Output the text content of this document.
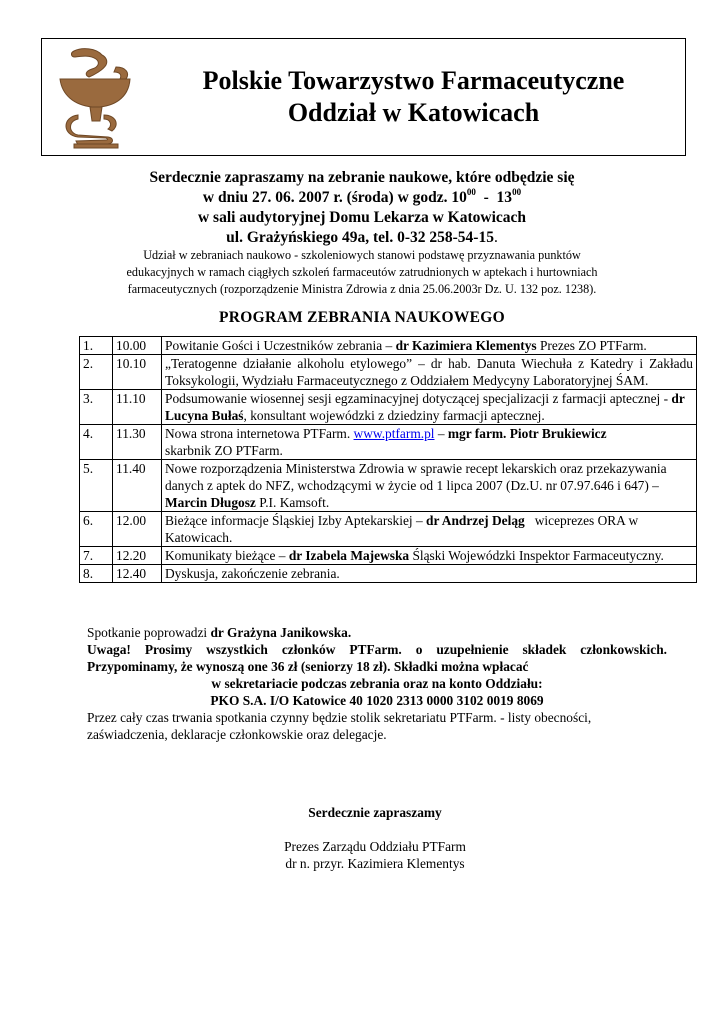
Polskie Towarzystwo Farmaceutyczne
Oddział w Katowicach
Serdecznie zapraszamy na zebranie naukowe, które odbędzie się
w dniu 27. 06. 2007 r. (środa) w godz. $10^{00} - 13^{00}$
w sali audytoryjnej Domu Lekarza w Katowicach
ul. Grażyńskiego 49a, tel. 0-32 258-54-15.
Udział w zebraniach naukowo - szkoleniowych stanowi podstawę przyznawania punktów
edukacyjnych w ramach ciągłych szkoleń farmaceutów zatrudnionych w aptekach i hurtowniach
farmaceutycznych (rozporządzenie Ministra Zdrowia z dnia 25.06.2003r Dz. U. 132 poz. 1238).
PROGRAM ZEBRANIA NAUKOWEGO
1.	10.00	Powitanie Gości i Uczestników zebrania – dr Kazimiera Klementys Prezes ZO PTFarm.
2.	10.10	„Teratogenne działanie alkoholu etylowego” – dr hab. Danuta Wiechuła z Katedry i Zakładu Toksykologii, Wydziału Farmaceutycznego z Oddziałem Medycyny Laboratoryjnej ŚAM.
3.	11.10	Podsumowanie wiosennej sesji egzaminacyjnej dotyczącej specjalizacji z farmacji aptecznej - dr Lucyna Bułaś, konsultant wojewódzki z dziedziny farmacji aptecznej.
4.	11.30	Nowa strona internetowa PTFarm. www.ptfarm.pl – mgr farm. Piotr Brukiewicz
skarbnik ZO PTFarm.
5.	11.40	Nowe rozporządzenia Ministerstwa Zdrowia w sprawie recept lekarskich oraz przekazywania danych z aptek do NFZ, wchodzącymi w życie od 1 lipca 2007 (Dz.U. nr 07.97.646 i 647) – Marcin Długosz P.I. Kamsoft.
6.	12.00	Bieżące informacje Śląskiej Izby Aptekarskiej – dr Andrzej Deląg   wiceprezes ORA w Katowicach.
7.	12.20	Komunikaty bieżące – dr Izabela Majewska Śląski Wojewódzki Inspektor Farmaceutyczny.
8.	12.40	Dyskusja, zakończenie zebrania.
Spotkanie poprowadzi dr Grażyna Janikowska.
Uwaga! Prosimy wszystkich członków PTFarm. o uzupełnienie składek członkowskich.
Przypominamy, że wynoszą one 36 zł (seniorzy 18 zł). Składki można wpłacać
w sekretariacie podczas zebrania oraz na konto Oddziału:
PKO S.A. I/O Katowice 40 1020 2313 0000 3102 0019 8069
Przez cały czas trwania spotkania czynny będzie stolik sekretariatu PTFarm. - listy obecności, zaświadczenia, deklaracje członkowskie oraz delegacje.
Serdecznie zapraszamy
Prezes Zarządu Oddziału PTFarm
dr n. przyr. Kazimiera Klementys
